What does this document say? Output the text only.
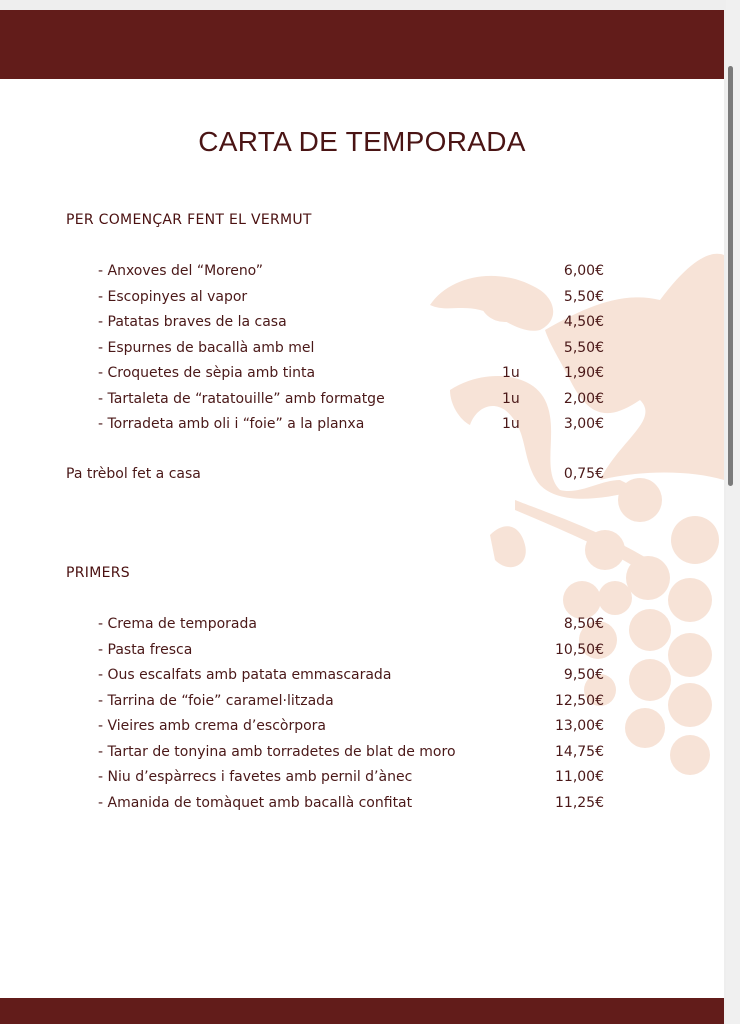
CARTA DE TEMPORADA
PER COMENÇAR FENT EL VERMUT
- Anxoves del “Moreno”	6,00€
- Escopinyes al vapor	5,50€
- Patatas braves de la casa	4,50€
- Espurnes de bacallà amb mel	5,50€
- Croquetes de sèpia amb tinta	1u	1,90€
- Tartaleta de “ratatouille” amb formatge	1u	2,00€
- Torradeta amb oli i “foie” a la planxa	1u	3,00€
Pa trèbol fet a casa	0,75€
PRIMERS
- Crema de temporada	8,50€
- Pasta fresca	10,50€
- Ous escalfats amb patata emmascarada	9,50€
- Tarrina de “foie” caramel·litzada	12,50€
- Vieires amb crema d’escòrpora	13,00€
- Tartar de tonyina amb torradetes de blat de moro	14,75€
- Niu d’espàrrecs i favetes amb pernil d’ànec	11,00€
- Amanida de tomàquet amb bacallà confitat	11,25€
